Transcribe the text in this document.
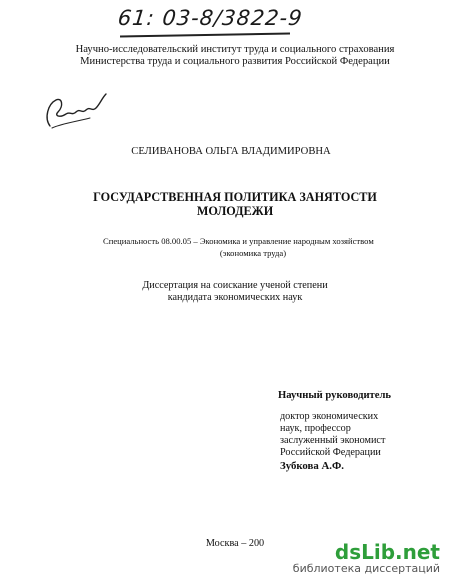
61: 03-8/3822-9
Научно-исследовательский институт труда и социального страхования
Министерства труда и социального развития Российской Федерации
СЕЛИВАНОВА ОЛЬГА ВЛАДИМИРОВНА
ГОСУДАРСТВЕННАЯ ПОЛИТИКА ЗАНЯТОСТИ
МОЛОДЕЖИ
Специальность 08.00.05 – Экономика и управление народным хозяйством
(экономика труда)
Диссертация на соискание ученой степени
кандидата экономических наук
Научный руководитель
доктор экономических
наук, профессор
заслуженный экономист
Российской Федерации
Зубкова А.Ф.
Москва – 200	ds Lib .net
библиотека диссертаций
